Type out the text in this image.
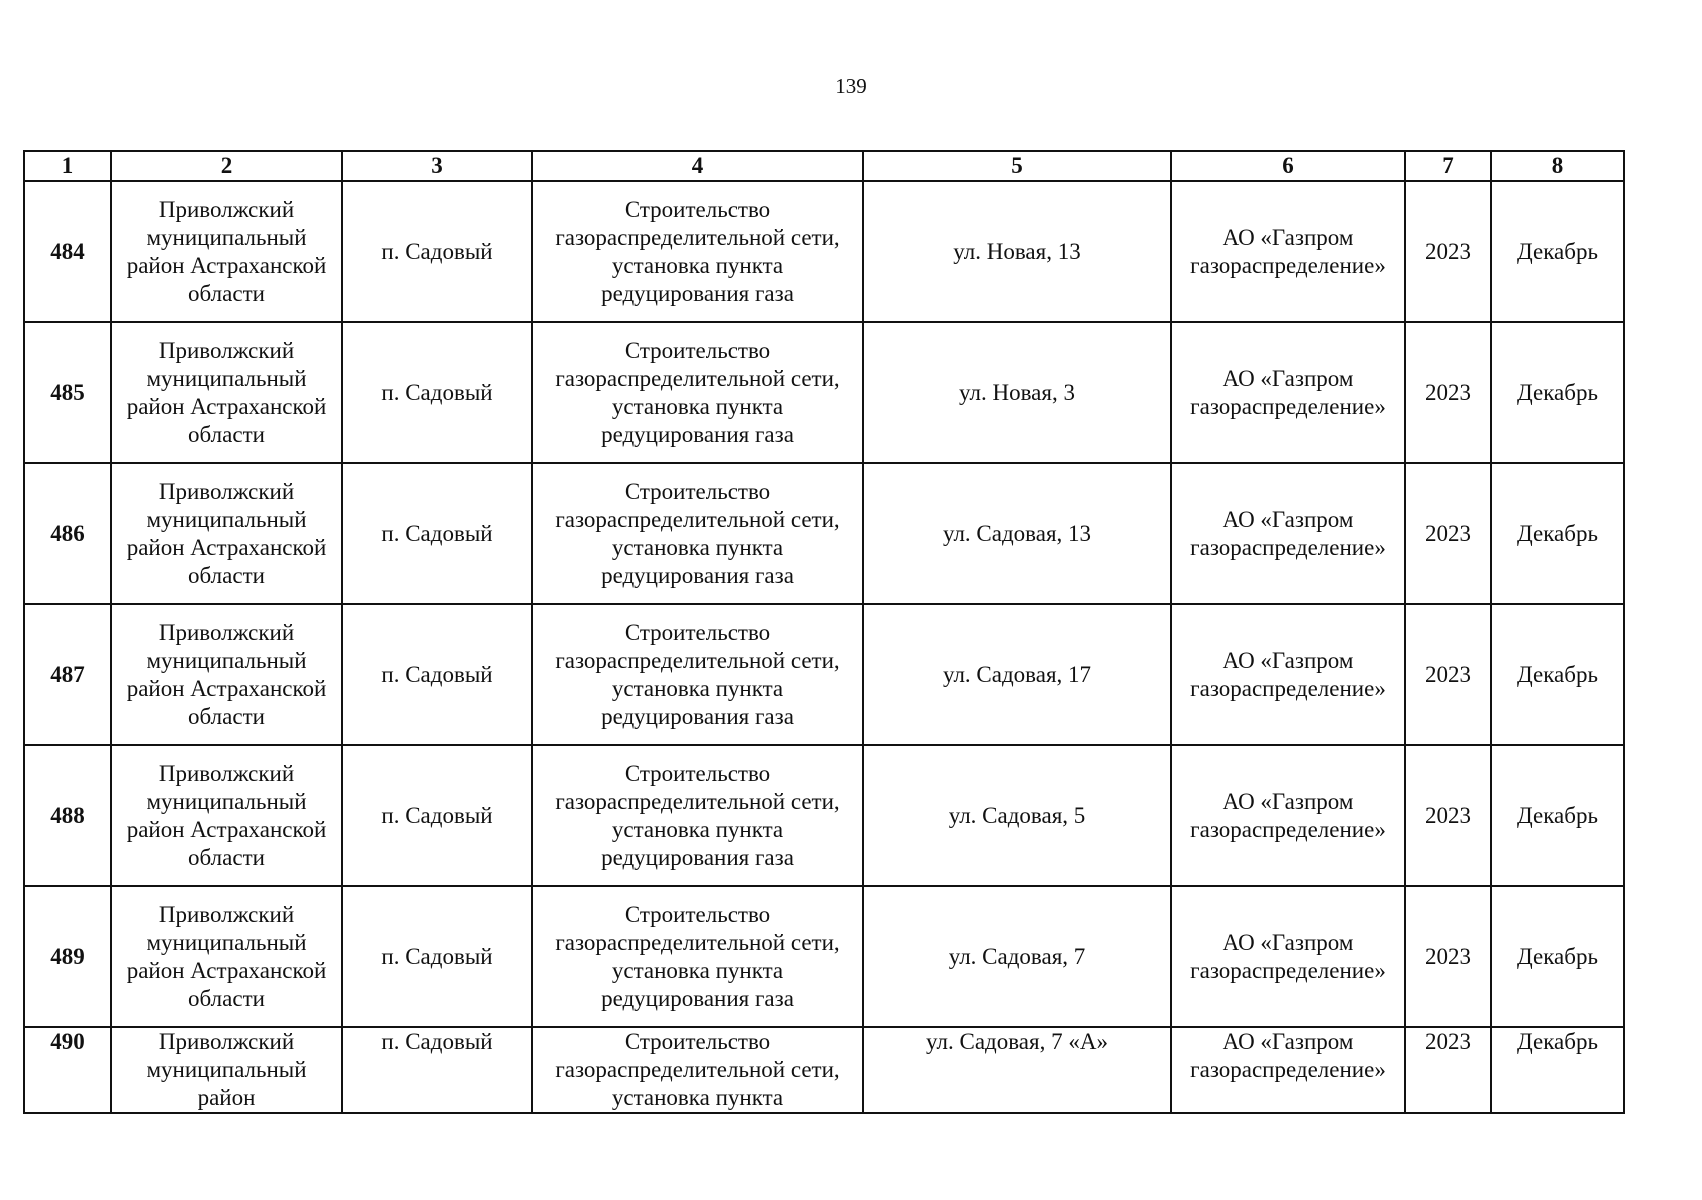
139
1	2	3	4	5	6	7	8
484	Приволжский муниципальный район Астраханской области	п. Садовый	Строительство газораспределительной сети, установка пункта редуцирования газа	ул. Новая, 13	АО «Газпром газораспределение»	2023	Декабрь
485	Приволжский муниципальный район Астраханской области	п. Садовый	Строительство газораспределительной сети, установка пункта редуцирования газа	ул. Новая, 3	АО «Газпром газораспределение»	2023	Декабрь
486	Приволжский муниципальный район Астраханской области	п. Садовый	Строительство газораспределительной сети, установка пункта редуцирования газа	ул. Садовая, 13	АО «Газпром газораспределение»	2023	Декабрь
487	Приволжский муниципальный район Астраханской области	п. Садовый	Строительство газораспределительной сети, установка пункта редуцирования газа	ул. Садовая, 17	АО «Газпром газораспределение»	2023	Декабрь
488	Приволжский муниципальный район Астраханской области	п. Садовый	Строительство газораспределительной сети, установка пункта редуцирования газа	ул. Садовая, 5	АО «Газпром газораспределение»	2023	Декабрь
489	Приволжский муниципальный район Астраханской области	п. Садовый	Строительство газораспределительной сети, установка пункта редуцирования газа	ул. Садовая, 7	АО «Газпром газораспределение»	2023	Декабрь
490	Приволжский муниципальный район	п. Садовый	Строительство газораспределительной сети, установка пункта	ул. Садовая, 7 «А»	АО «Газпром газораспределение»	2023	Декабрь
